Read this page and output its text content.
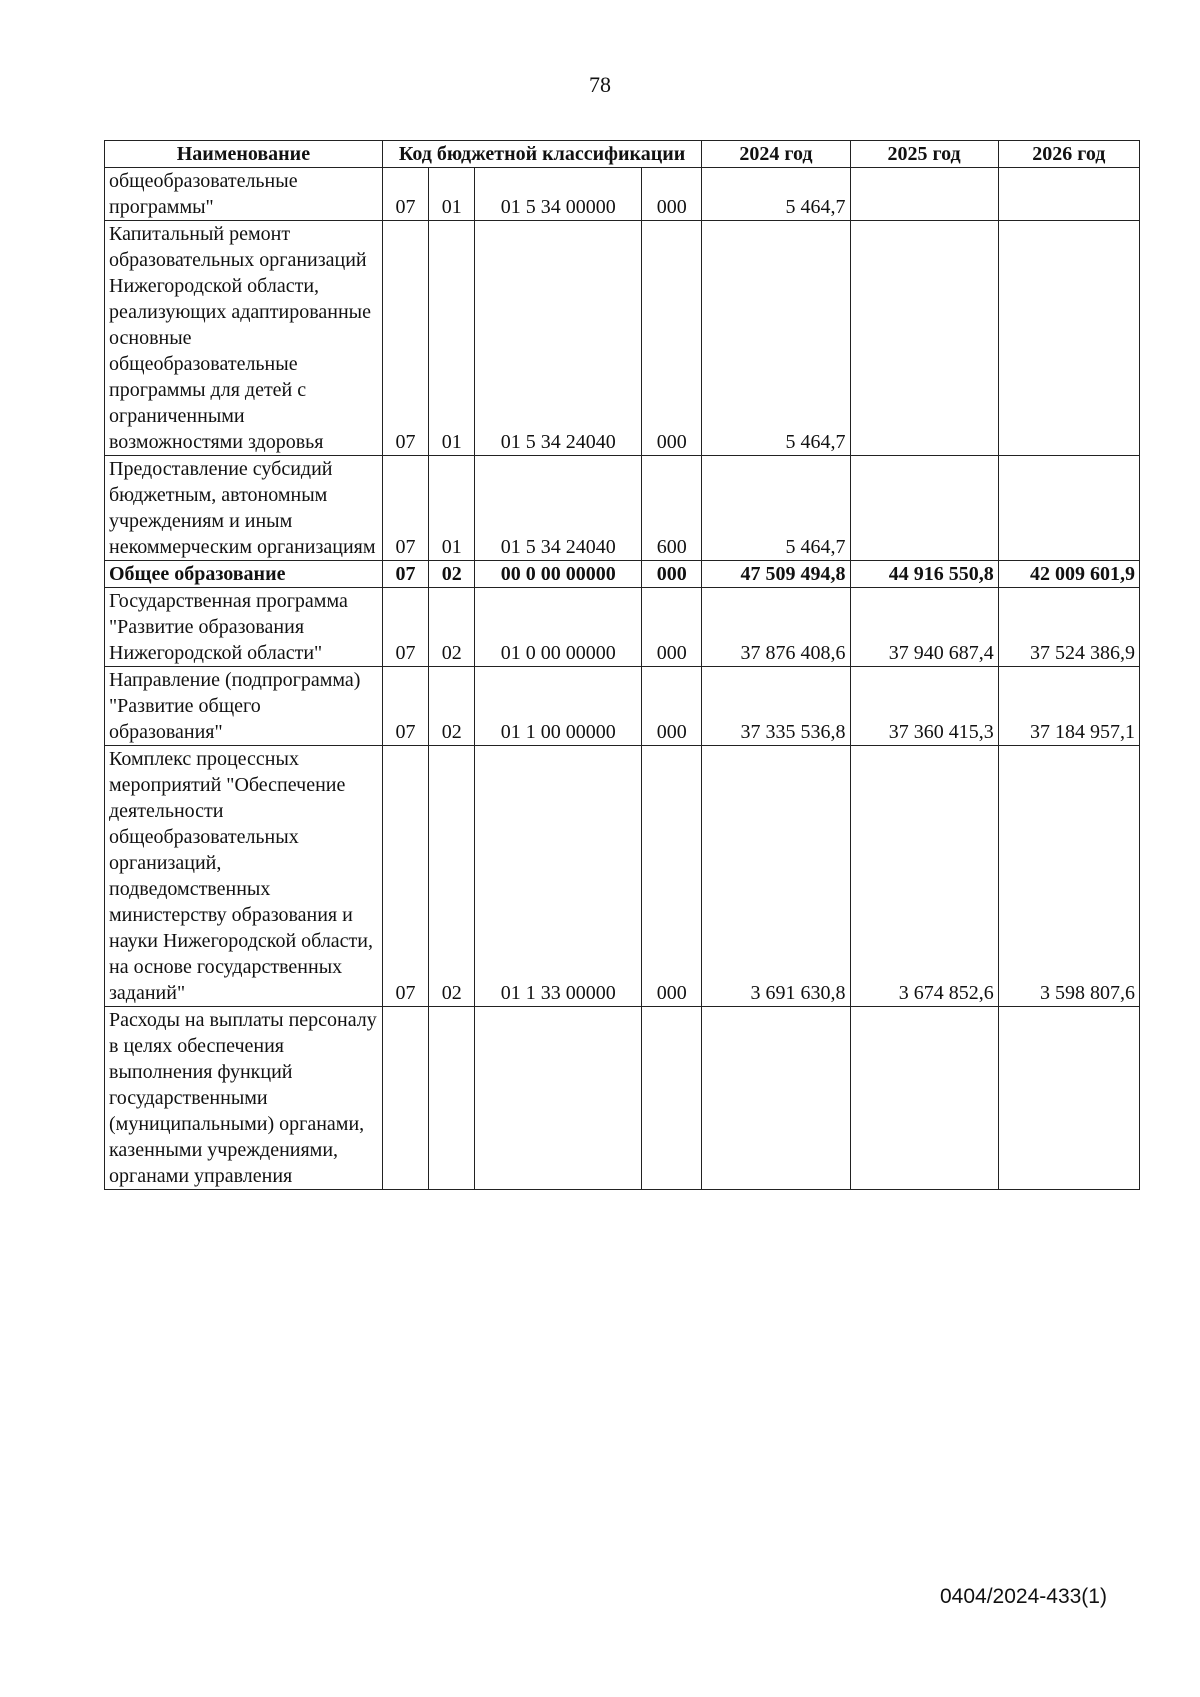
78
Наименование	Код бюджетной классификации				2024 год	2025 год	2026 год
общеобразовательные программы"	07	01	01 5 34 00000	000	5 464,7		
Капитальный ремонт образовательных организаций Нижегородской области, реализующих адаптированные основные общеобразовательные программы для детей с ограниченными возможностями здоровья	07	01	01 5 34 24040	000	5 464,7		
Предоставление субсидий бюджетным, автономным учреждениям и иным некоммерческим организациям	07	01	01 5 34 24040	600	5 464,7		
Общее образование	07	02	00 0 00 00000	000	47 509 494,8	44 916 550,8	42 009 601,9
Государственная программа "Развитие образования Нижегородской области"	07	02	01 0 00 00000	000	37 876 408,6	37 940 687,4	37 524 386,9
Направление (подпрограмма) "Развитие общего образования"	07	02	01 1 00 00000	000	37 335 536,8	37 360 415,3	37 184 957,1
Комплекс процессных мероприятий "Обеспечение деятельности общеобразовательных организаций, подведомственных министерству образования и науки Нижегородской области, на основе государственных заданий"	07	02	01 1 33 00000	000	3 691 630,8	3 674 852,6	3 598 807,6
Расходы на выплаты персоналу в целях обеспечения выполнения функций государственными (муниципальными) органами, казенными учреждениями, органами управления							
0404/2024-433(1)
